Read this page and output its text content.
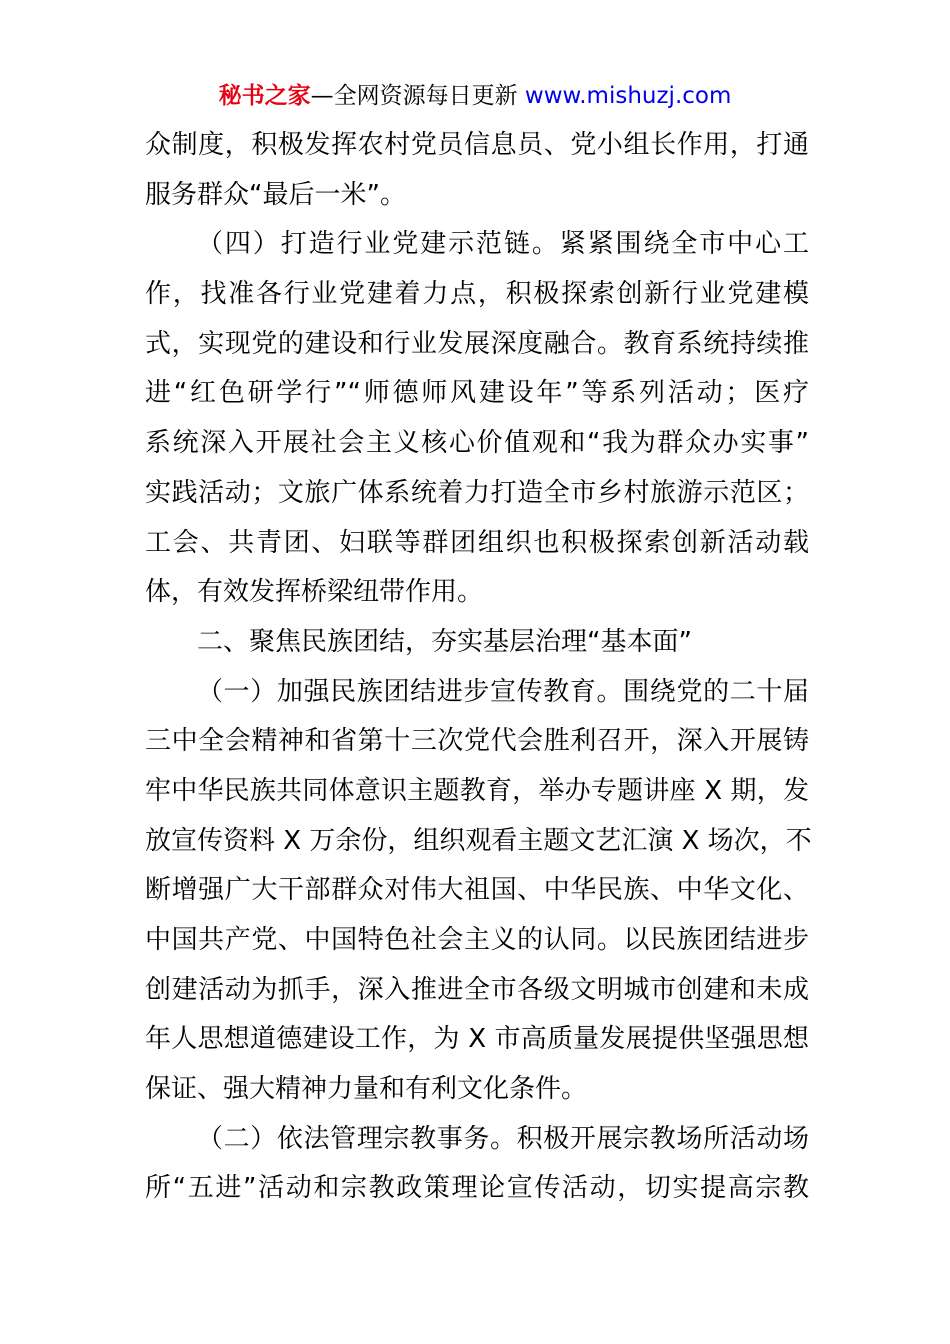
秘书之家—全网资源每日更新 www.mishuzj.com
众制度，积极发挥农村党员信息员、党小组长作用，打通
服务群众“最后一米”。
（四）打造行业党建示范链。紧紧围绕全市中心工
作，找准各行业党建着力点，积极探索创新行业党建模
式，实现党的建设和行业发展深度融合。教育系统持续推
进“红色研学行”“师德师风建设年”等系列活动；医疗
系统深入开展社会主义核心价值观和“我为群众办实事”
实践活动；文旅广体系统着力打造全市乡村旅游示范区；
工会、共青团、妇联等群团组织也积极探索创新活动载
体，有效发挥桥梁纽带作用。
二、聚焦民族团结，夯实基层治理“基本面”
（一）加强民族团结进步宣传教育。围绕党的二十届
三中全会精神和省第十三次党代会胜利召开，深入开展铸
牢中华民族共同体意识主题教育，举办专题讲座 X 期，发
放宣传资料 X 万余份，组织观看主题文艺汇演 X 场次，不
断增强广大干部群众对伟大祖国、中华民族、中华文化、
中国共产党、中国特色社会主义的认同。以民族团结进步
创建活动为抓手，深入推进全市各级文明城市创建和未成
年人思想道德建设工作，为 X 市高质量发展提供坚强思想
保证、强大精神力量和有利文化条件。
（二）依法管理宗教事务。积极开展宗教场所活动场
所“五进”活动和宗教政策理论宣传活动，切实提高宗教
